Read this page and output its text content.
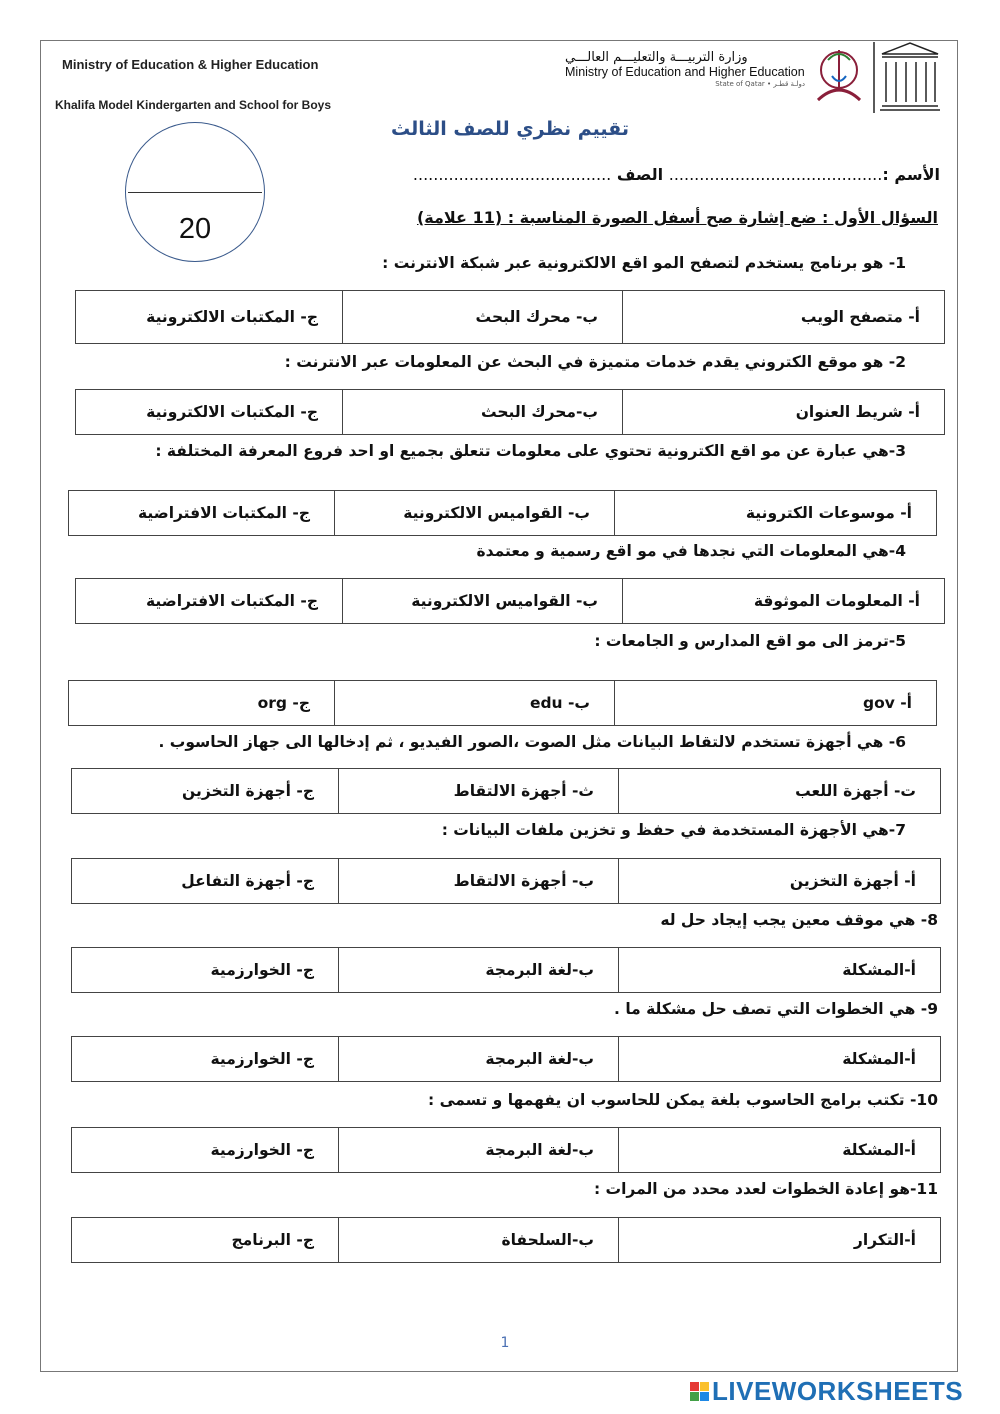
Ministry of Education & Higher Education
Khalifa Model Kindergarten and School for Boys
وزارة التربيـــة والتعليـــم العالـــي
Ministry of Education and Higher Education
State of Qatar • دولـة قطـر
تقييم نظري للصف الثالث
20
الأسم :.......................................... الصف .......................................
السؤال الأول : ضع إشارة صح أسفل الصورة المناسبة : (11 علامة)
1- هو برنامج يستخدم لتصفح المو اقع الالكترونية عبر شبكة الانترنت :
أ- متصفح الويب
ب- محرك البحث
ج- المكتبات الالكترونية
2- هو موقع الكتروني يقدم خدمات متميزة في البحث عن المعلومات عبر الانترنت :
أ- شريط العنوان
ب-محرك البحث
ج- المكتبات الالكترونية
3-هي عبارة عن مو اقع الكترونية تحتوي على معلومات تتعلق بجميع او احد فروع المعرفة المختلفة :
أ- موسوعات الكترونية
ب- القواميس الالكترونية
ج- المكتبات الافتراضية
4-هي المعلومات التي نجدها في مو اقع رسمية و معتمدة
أ- المعلومات الموثوقة
ب- القواميس الالكترونية
ج- المكتبات الافتراضية
5-ترمز الى مو اقع المدارس و الجامعات :
أ- gov
ب- edu
ج- org
6- هي أجهزة تستخدم لالتقاط البيانات مثل الصوت ،الصور الفيديو ، ثم إدخالها الى جهاز الحاسوب .
ت- أجهزة اللعب
ث- أجهزة الالتقاط
ج- أجهزة التخزين
7-هي الأجهزة المستخدمة في حفظ و تخزين ملفات البيانات :
أ- أجهزة التخزين
ب- أجهزة الالتقاط
ج- أجهزة التفاعل
8- هي موقف معين يجب إيجاد حل له
أ-المشكلة
ب-لغة البرمجة
ج- الخوارزمية
9- هي الخطوات التي تصف حل مشكلة ما .
أ-المشكلة
ب-لغة البرمجة
ج- الخوارزمية
10- تكتب برامج الحاسوب بلغة يمكن للحاسوب ان يفهمها و تسمى :
أ-المشكلة
ب-لغة البرمجة
ج- الخوارزمية
11-هو إعادة الخطوات لعدد محدد من المرات :
أ-التكرار
ب-السلحفاة
ج- البرنامج
1
LIVEWORKSHEETS
